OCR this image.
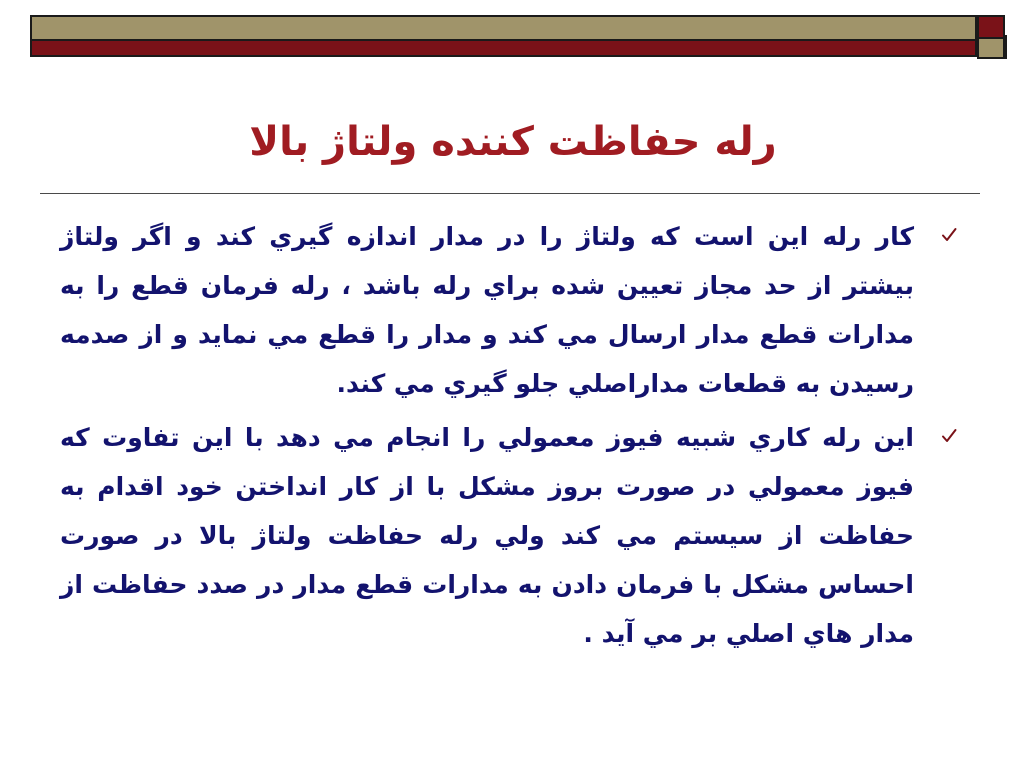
رله حفاظت كننده ولتاژ بالا
كار رله اين است كه ولتاژ را در مدار اندازه گيري كند و اگر ولتاژ بيشتر از حد مجاز تعيين شده براي رله باشد ، رله فرمان قطع را به مدارات قطع مدار ارسال مي كند و مدار را قطع مي نمايد و از صدمه رسيدن به قطعات مداراصلي جلو گيري مي كند.
اين رله كاري شبيه فيوز معمولي را انجام مي دهد با اين تفاوت كه فيوز معمولي در صورت بروز مشكل با از كار انداختن خود اقدام به حفاظت از سيستم مي كند ولي رله حفاظت ولتاژ بالا در صورت احساس مشكل با فرمان دادن به مدارات قطع مدار در صدد حفاظت از مدار هاي اصلي بر مي آيد .
